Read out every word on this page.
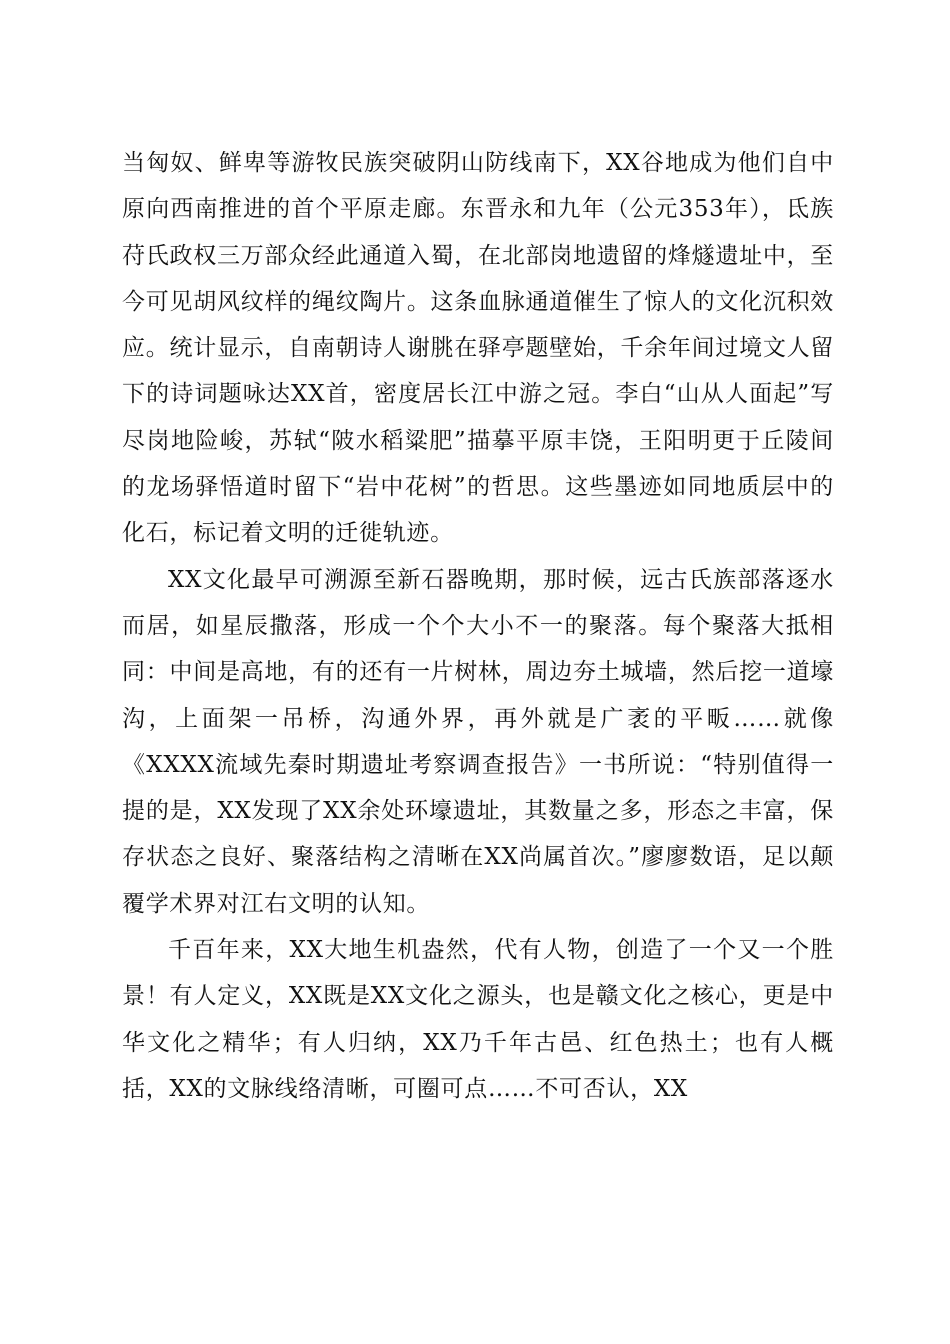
当匈奴、鲜卑等游牧民族突破阴山防线南下，XX谷地成为他们自中原向西南推进的首个平原走廊。东晋永和九年（公元353年），氐族苻氏政权三万部众经此通道入蜀，在北部岗地遗留的烽燧遗址中，至今可见胡风纹样的绳纹陶片。这条血脉通道催生了惊人的文化沉积效应。统计显示，自南朝诗人谢朓在驿亭题壁始，千余年间过境文人留下的诗词题咏达XX首，密度居长江中游之冠。李白“山从人面起”写尽岗地险峻，苏轼“陂水稻粱肥”描摹平原丰饶，王阳明更于丘陵间的龙场驿悟道时留下“岩中花树”的哲思。这些墨迹如同地质层中的化石，标记着文明的迁徙轨迹。

XX文化最早可溯源至新石器晚期，那时候，远古氏族部落逐水而居，如星辰撒落，形成一个个大小不一的聚落。每个聚落大抵相同：中间是高地，有的还有一片树林，周边夯土城墙，然后挖一道壕沟，上面架一吊桥，沟通外界，再外就是广袤的平畈……就像《XXXX流域先秦时期遗址考察调查报告》一书所说：“特别值得一提的是，XX发现了XX余处环壕遗址，其数量之多，形态之丰富，保存状态之良好、聚落结构之清晰在XX尚属首次。”廖廖数语，足以颠覆学术界对江右文明的认知。

千百年来，XX大地生机盎然，代有人物，创造了一个又一个胜景！有人定义，XX既是XX文化之源头，也是赣文化之核心，更是中华文化之精华；有人归纳，XX乃千年古邑、红色热土；也有人概括，XX的文脉线络清晰，可圈可点……不可否认，XX
